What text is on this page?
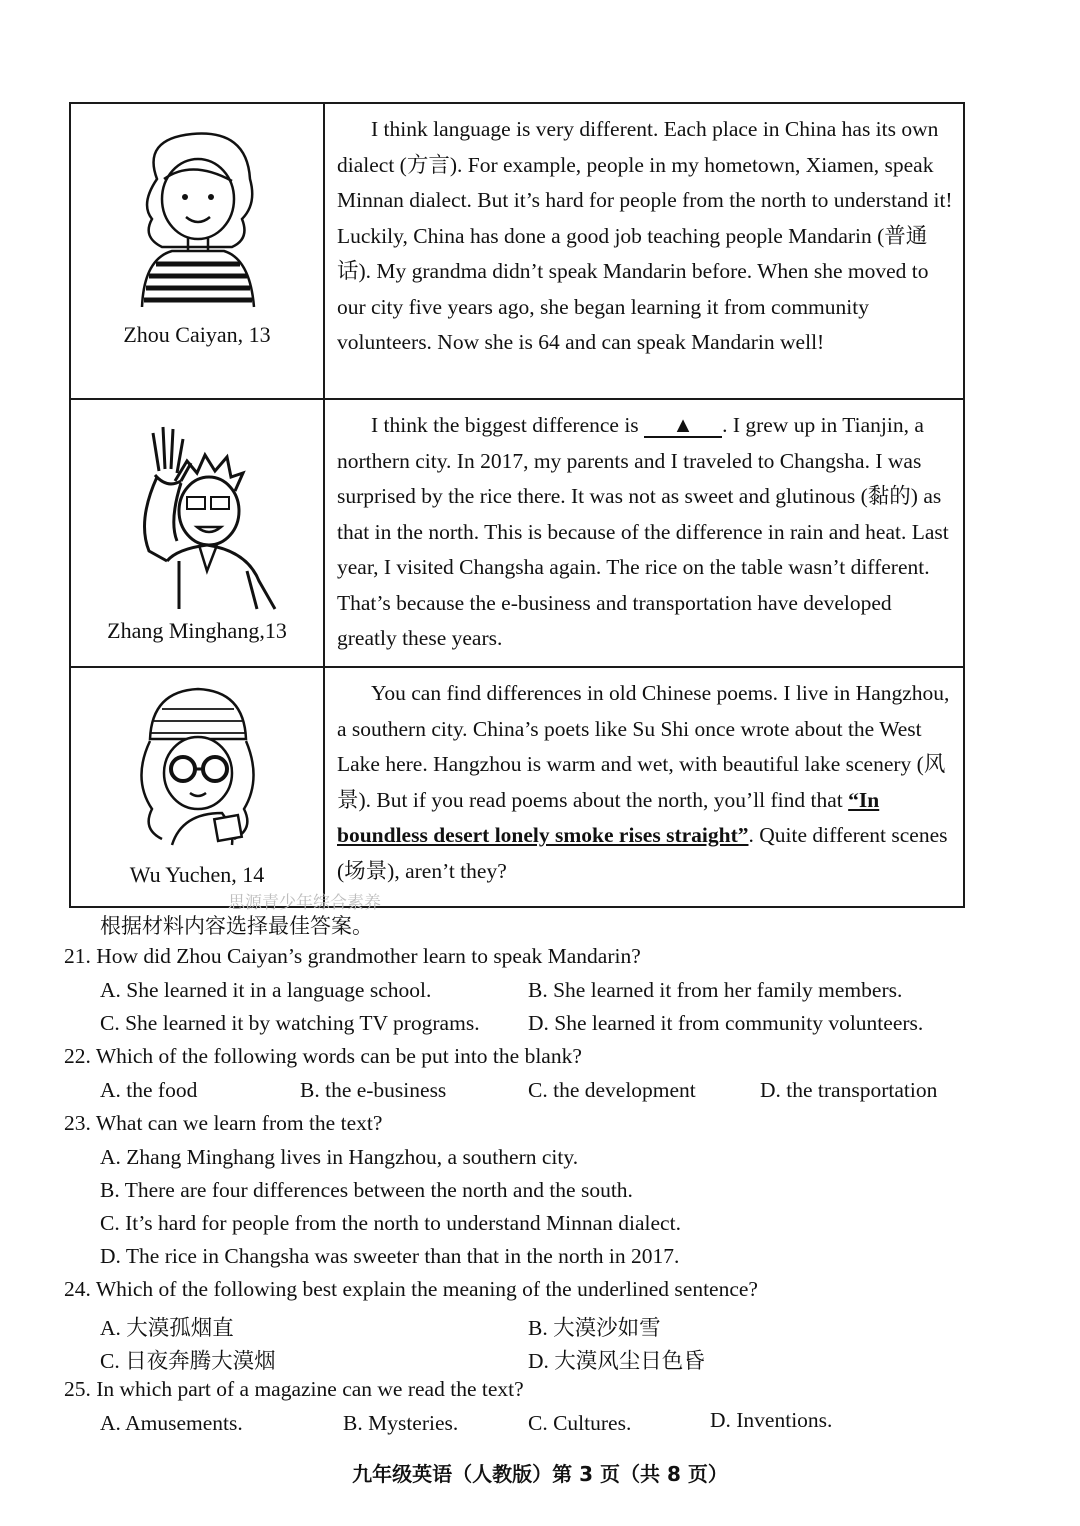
Zhou Caiyan, 13	I think language is very different. Each place in China has its own dialect (方言). For example, people in my hometown, Xiamen, speak Minnan dialect. But it’s hard for people from the north to understand it! Luckily, China has done a good job teaching people Mandarin (普通话). My grandma didn’t speak Mandarin before. When she moved to our city five years ago, she began learning it from community volunteers. Now she is 64 and can speak Mandarin well!

Zhang Minghang,13	I think the biggest difference is ▲ . I grew up in Tianjin, a northern city. In 2017, my parents and I traveled to Changsha. I was surprised by the rice there. It was not as sweet and glutinous (黏的) as that in the north. This is because of the difference in rain and heat. Last year, I visited Changsha again. The rice on the table wasn’t different. That’s because the e-business and transportation have developed greatly these years.

Wu Yuchen, 14	You can find differences in old Chinese poems. I live in Hangzhou, a southern city. China’s poets like Su Shi once wrote about the West Lake here. Hangzhou is warm and wet, with beautiful lake scenery (风景). But if you read poems about the north, you’ll find that “In boundless desert lonely smoke rises straight”. Quite different scenes (场景), aren’t they?

思源青少年综合素养
根据材料内容选择最佳答案。
21. How did Zhou Caiyan’s grandmother learn to speak Mandarin?
A. She learned it in a language school.	B. She learned it from her family members.
C. She learned it by watching TV programs. D. She learned it from community volunteers.
22. Which of the following words can be put into the blank?
A. the food	B. the e-business	C. the development	D. the transportation
23. What can we learn from the text?
A. Zhang Minghang lives in Hangzhou, a southern city.
B. There are four differences between the north and the south.
C. It’s hard for people from the north to understand Minnan dialect.
D. The rice in Changsha was sweeter than that in the north in 2017.
24. Which of the following best explain the meaning of the underlined sentence?
A. 大漠孤烟直	B. 大漠沙如雪
C. 日夜奔腾大漠烟	D. 大漠风尘日色昏
25. In which part of a magazine can we read the text?
A. Amusements.	B. Mysteries.	C. Cultures.	D. Inventions.
九年级英语（人教版）第 3 页（共 8 页）
